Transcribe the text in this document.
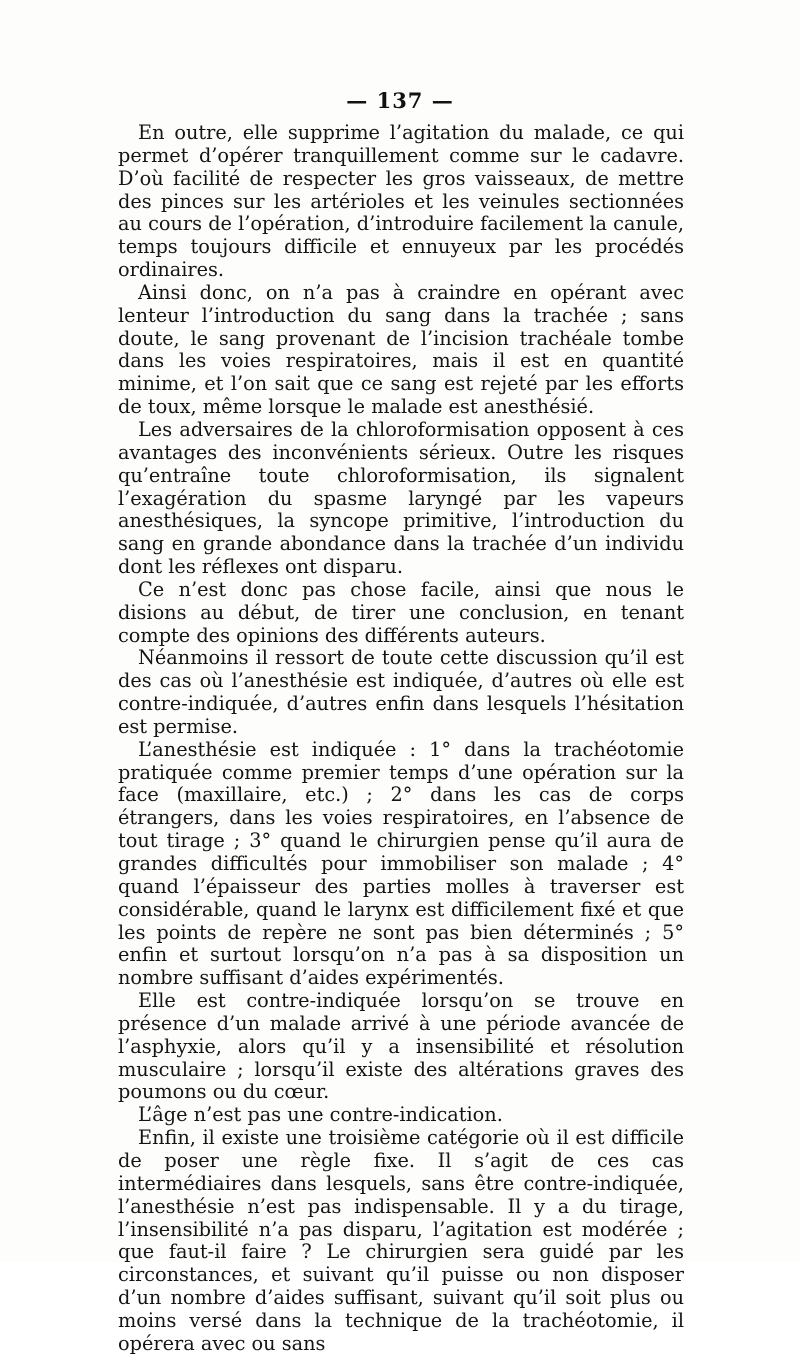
— 137 —

En outre, elle supprime l’agitation du malade, ce qui permet d’opérer tranquillement comme sur le cadavre. D’où facilité de respecter les gros vaisseaux, de mettre des pinces sur les artérioles et les veinules sectionnées au cours de l’opération, d’introduire facilement la canule, temps toujours difficile et ennuyeux par les procédés ordinaires.

Ainsi donc, on n’a pas à craindre en opérant avec lenteur l’introduction du sang dans la trachée ; sans doute, le sang provenant de l’incision trachéale tombe dans les voies respiratoires, mais il est en quantité minime, et l’on sait que ce sang est rejeté par les efforts de toux, même lorsque le malade est anesthésié.

Les adversaires de la chloroformisation opposent à ces avantages des inconvénients sérieux. Outre les risques qu’entraîne toute chloroformisation, ils signalent l’exagération du spasme laryngé par les vapeurs anesthésiques, la syncope primitive, l’introduction du sang en grande abondance dans la trachée d’un individu dont les réflexes ont disparu.

Ce n’est donc pas chose facile, ainsi que nous le disions au début, de tirer une conclusion, en tenant compte des opinions des différents auteurs.

Néanmoins il ressort de toute cette discussion qu’il est des cas où l’anesthésie est indiquée, d’autres où elle est contre-indiquée, d’autres enfin dans lesquels l’hésitation est permise.

L’anesthésie est indiquée : 1° dans la trachéotomie pratiquée comme premier temps d’une opération sur la face (maxillaire, etc.) ; 2° dans les cas de corps étrangers, dans les voies respiratoires, en l’absence de tout tirage ; 3° quand le chirurgien pense qu’il aura de grandes difficultés pour immobiliser son malade ; 4° quand l’épaisseur des parties molles à traverser est considérable, quand le larynx est difficilement fixé et que les points de repère ne sont pas bien déterminés ; 5° enfin et surtout lorsqu’on n’a pas à sa disposition un nombre suffisant d’aides expérimentés.

Elle est contre-indiquée lorsqu’on se trouve en présence d’un malade arrivé à une période avancée de l’asphyxie, alors qu’il y a insensibilité et résolution musculaire ; lorsqu’il existe des altérations graves des poumons ou du cœur.

L’âge n’est pas une contre-indication.

Enfin, il existe une troisième catégorie où il est difficile de poser une règle fixe. Il s’agit de ces cas intermédiaires dans lesquels, sans être contre-indiquée, l’anesthésie n’est pas indispensable. Il y a du tirage, l’insensibilité n’a pas disparu, l’agitation est modérée ; que faut-il faire ? Le chirurgien sera guidé par les circonstances, et suivant qu’il puisse ou non disposer d’un nombre d’aides suffisant, suivant qu’il soit plus ou moins versé dans la technique de la trachéotomie, il opérera avec ou sans
